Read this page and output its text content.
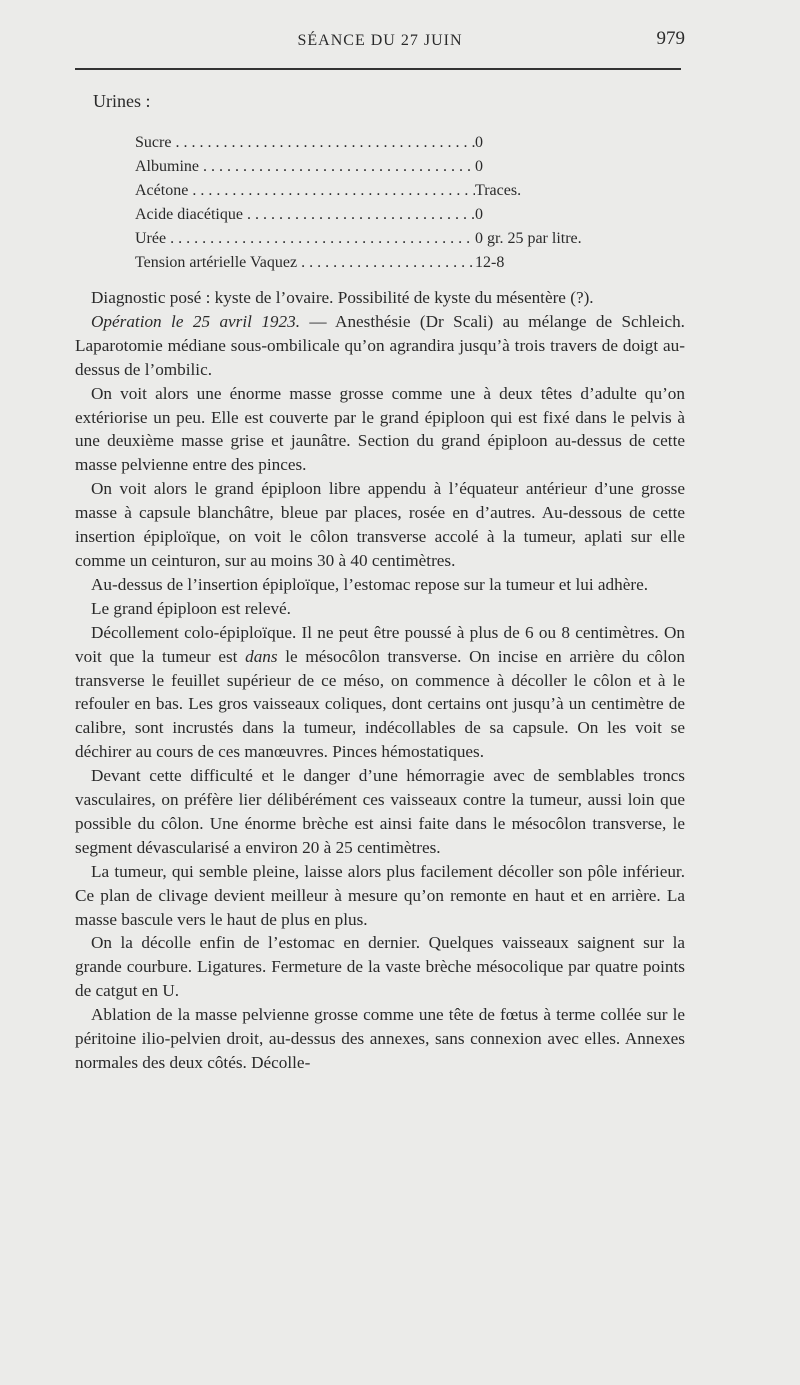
SÉANCE DU 27 JUIN	979
Urines :
Sucre . . .	0
Albumine . . .	0
Acétone . . .	Traces.
Acide diacétique . . .	0
Urée . . .	0 gr. 25 par litre.
Tension artérielle Vaquez . . .	12-8

Diagnostic posé : kyste de l’ovaire. Possibilité de kyste du mésentère (?).

Opération le 25 avril 1923. — Anesthésie (Dr Scali) au mélange de Schleich. Laparotomie médiane sous-ombilicale qu’on agrandira jusqu’à trois travers de doigt au-dessus de l’ombilic.

On voit alors une énorme masse grosse comme une à deux têtes d’adulte qu’on extériorise un peu. Elle est couverte par le grand épiploon qui est fixé dans le pelvis à une deuxième masse grise et jaunâtre. Section du grand épiploon au-dessus de cette masse pelvienne entre des pinces.

On voit alors le grand épiploon libre appendu à l’équateur antérieur d’une grosse masse à capsule blanchâtre, bleue par places, rosée en d’autres. Au-dessous de cette insertion épiploïque, on voit le côlon transverse accolé à la tumeur, aplati sur elle comme un ceinturon, sur au moins 30 à 40 centimètres.

Au-dessus de l’insertion épiploïque, l’estomac repose sur la tumeur et lui adhère.

Le grand épiploon est relevé.

Décollement colo-épiploïque. Il ne peut être poussé à plus de 6 ou 8 centimètres. On voit que la tumeur est dans le mésocôlon transverse. On incise en arrière du côlon transverse le feuillet supérieur de ce méso, on commence à décoller le côlon et à le refouler en bas. Les gros vaisseaux coliques, dont certains ont jusqu’à un centimètre de calibre, sont incrustés dans la tumeur, indécollables de sa capsule. On les voit se déchirer au cours de ces manœuvres. Pinces hémostatiques.

Devant cette difficulté et le danger d’une hémorragie avec de semblables troncs vasculaires, on préfère lier délibérément ces vaisseaux contre la tumeur, aussi loin que possible du côlon. Une énorme brèche est ainsi faite dans le mésocôlon transverse, le segment dévascularisé a environ 20 à 25 centimètres.

La tumeur, qui semble pleine, laisse alors plus facilement décoller son pôle inférieur. Ce plan de clivage devient meilleur à mesure qu’on remonte en haut et en arrière. La masse bascule vers le haut de plus en plus.

On la décolle enfin de l’estomac en dernier. Quelques vaisseaux saignent sur la grande courbure. Ligatures. Fermeture de la vaste brèche mésocolique par quatre points de catgut en U.

Ablation de la masse pelvienne grosse comme une tête de fœtus à terme collée sur le péritoine ilio-pelvien droit, au-dessus des annexes, sans connexion avec elles. Annexes normales des deux côtés. Décolle-
